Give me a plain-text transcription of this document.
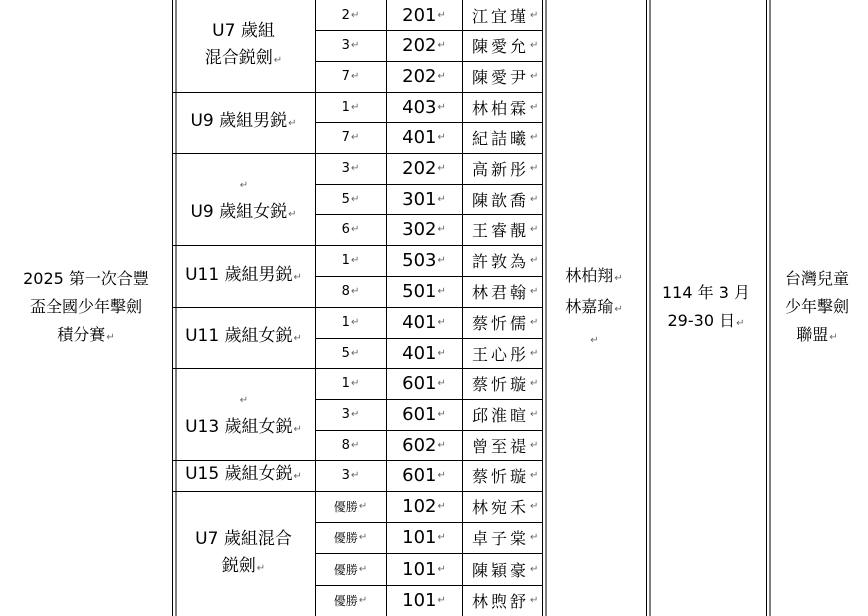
2025 第一次合豐
盃全國少年擊劍
積分賽↵
U7 歲組
混合鋭劍↵
U9 歲組男鋭↵
↵
U9 歲組女鋭↵
U11 歲組男鋭↵
U11 歲組女鋭↵
↵
U13 歲組女鋭↵
U15 歲組女鋭↵
U7 歲組混合
鋭劍↵
林柏翔↵
林嘉瑜↵
↵
114 年 3 月
29-30 日↵
台灣兒童
少年擊劍
聯盟↵
2 ↵ 201 ↵ 江宜瑾 ↵
3 ↵ 202 ↵ 陳愛允 ↵
7 ↵ 202 ↵ 陳愛尹 ↵
1 ↵ 403 ↵ 林柏霖 ↵
7 ↵ 401 ↵ 紀詰曦 ↵
3 ↵ 202 ↵ 高新彤 ↵
5 ↵ 301 ↵ 陳歆喬 ↵
6 ↵ 302 ↵ 王睿靚 ↵
1 ↵ 503 ↵ 許敦為 ↵
8 ↵ 501 ↵ 林君翰 ↵
1 ↵ 401 ↵ 蔡忻儒 ↵
5 ↵ 401 ↵ 王心彤 ↵
1 ↵ 601 ↵ 蔡忻璇 ↵
3 ↵ 601 ↵ 邱淮暄 ↵
8 ↵ 602 ↵ 曾至禔 ↵
3 ↵ 601 ↵ 蔡忻璇 ↵
優勝 ↵ 102 ↵ 林宛禾 ↵
優勝 ↵ 101 ↵ 卓子棠 ↵
優勝 ↵ 101 ↵ 陳穎豪 ↵
優勝 ↵ 101 ↵ 林煦舒 ↵
